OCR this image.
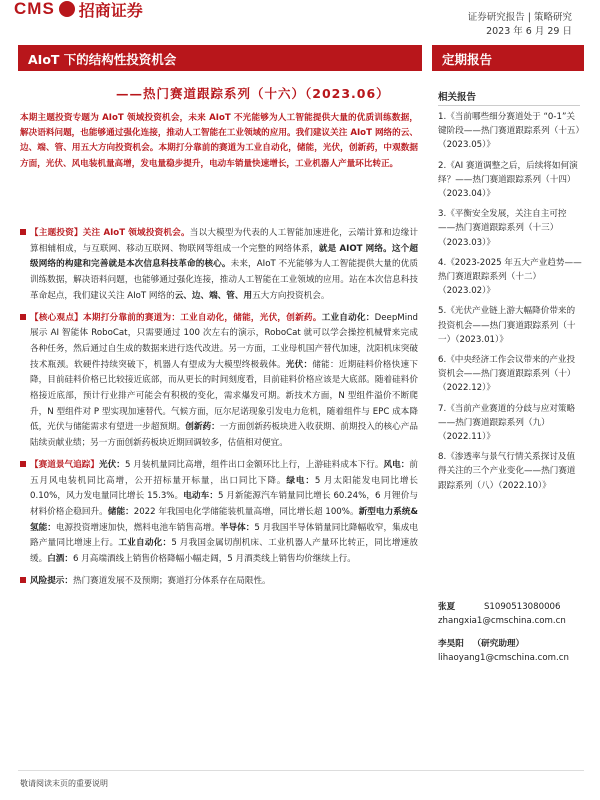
CMS 招商证券	证券研究报告 | 策略研究
2023 年 6 月 29 日
AIoT 下的结构性投资机会
——热门赛道跟踪系列（十六）（2023.06）
本期主题投资专题为 AIoT 领域投资机会，未来 AIoT 不光能够为人工智能提供大量的优质训练数据，解决语料问题，也能够通过强化连接，推动人工智能在工业领域的应用。我们建议关注 AIoT 网络的云、边、端、管、用五大方向投资机会。本期打分靠前的赛道为工业自动化，储能，光伏，创新药，中观数据方面，光伏、风电装机量高增，发电量稳步提升，电动车销量快速增长，工业机器人产量环比转正。

【主题投资】关注 AIoT 领域投资机会。当以大模型为代表的人工智能加速进化，云端计算和边缘计算相辅相成，与互联网、移动互联网、物联网等组成一个完整的网络体系，就是 AIOT 网络。这个超级网络的构建和完善就是本次信息科技革命的核心。未来，AIoT 不光能够为人工智能提供大量的优质训练数据，解决语料问题，也能够通过强化连接，推动人工智能在工业领域的应用。站在本次信息科技革命起点，我们建议关注 AIoT 网络的云、边、端、管、用五大方向投资机会。

【核心观点】本期打分靠前的赛道为：工业自动化，储能，光伏，创新药。工业自动化：DeepMind 展示 AI 智能体 RoboCat，只需要通过 100 次左右的演示，RoboCat 就可以学会操控机械臂来完成各种任务，然后通过自生成的数据来进行迭代改进。另一方面，工业母机国产替代加速，沈阳机床突破技术瓶颈。软硬件持续突破下，机器人有望成为大模型终极载体。光伏：储能：近期硅料价格快速下降，目前硅料价格已比较接近底部，而从更长的时间刻度看，目前硅料价格应该是大底部。随着硅料价格接近底部，预计行业排产可能会有积极的变化，需求爆发可期。新技术方面，N 型组件溢价不断爬升，N 型组件对 P 型实现加速替代。气候方面，厄尔尼诺现象引发电力危机，随着组件与 EPC 成本降低，光伏与储能需求有望进一步超预期。创新药：一方面创新药板块进入收获期、前期投入的核心产品陆续贡献业绩；另一方面创新药板块近期回调较多，估值相对便宜。

【赛道景气追踪】光伏：5 月装机量同比高增，组件出口金额环比上行，上游硅料成本下行。风电：前五月风电装机同比高增，公开招标量开标量，出口同比下降。绿电：5 月太阳能发电同比增长 0.10%，风力发电量同比增长 15.3%。电动车：5 月新能源汽车销量同比增长 60.24%，6 月锂价与材料价格企稳回升。储能：2022 年我国电化学储能装机量高增，同比增长超 100%。新型电力系统&氢能：电源投资增速加快，燃料电池车销售高增。半导体：5 月我国半导体销量同比降幅收窄，集成电路产量同比增速上行。工业自动化：5 月我国金属切削机床、工业机器人产量环比转正，同比增速放缓。白酒：6 月高端酒线上销售价格降幅小幅走阔，5 月酒类线上销售均价继续上行。

风险提示：热门赛道发展不及预期；赛道打分体系存在局限性。

定期报告
相关报告
1.《当前哪些细分赛道处于 “0-1”关键阶段——热门赛道跟踪系列（十五）（2023.05）》
2.《AI 赛道调整之后，后续将如何演绎？——热门赛道跟踪系列（十四）（2023.04）》
3.《平衡安全发展，关注自主可控——热门赛道跟踪系列（十三）（2023.03）》
4.《2023-2025 年五大产业趋势——热门赛道跟踪系列（十二）（2023.02）》
5.《光伏产业链上游大幅降价带来的投资机会——热门赛道跟踪系列（十一）（2023.01）》
6.《中央经济工作会议带来的产业投资机会——热门赛道跟踪系列（十）（2022.12）》
7.《当前产业赛道的分歧与应对策略——热门赛道跟踪系列（九）（2022.11）》
8.《渗透率与景气行情关系探讨及值得关注的三个产业变化——热门赛道跟踪系列（八）（2022.10）》
张夏	S1090513080006
zhangxia1@cmschina.com.cn
李昊阳 （研究助理）
lihaoyang1@cmschina.com.cn
敬请阅读末页的重要说明
